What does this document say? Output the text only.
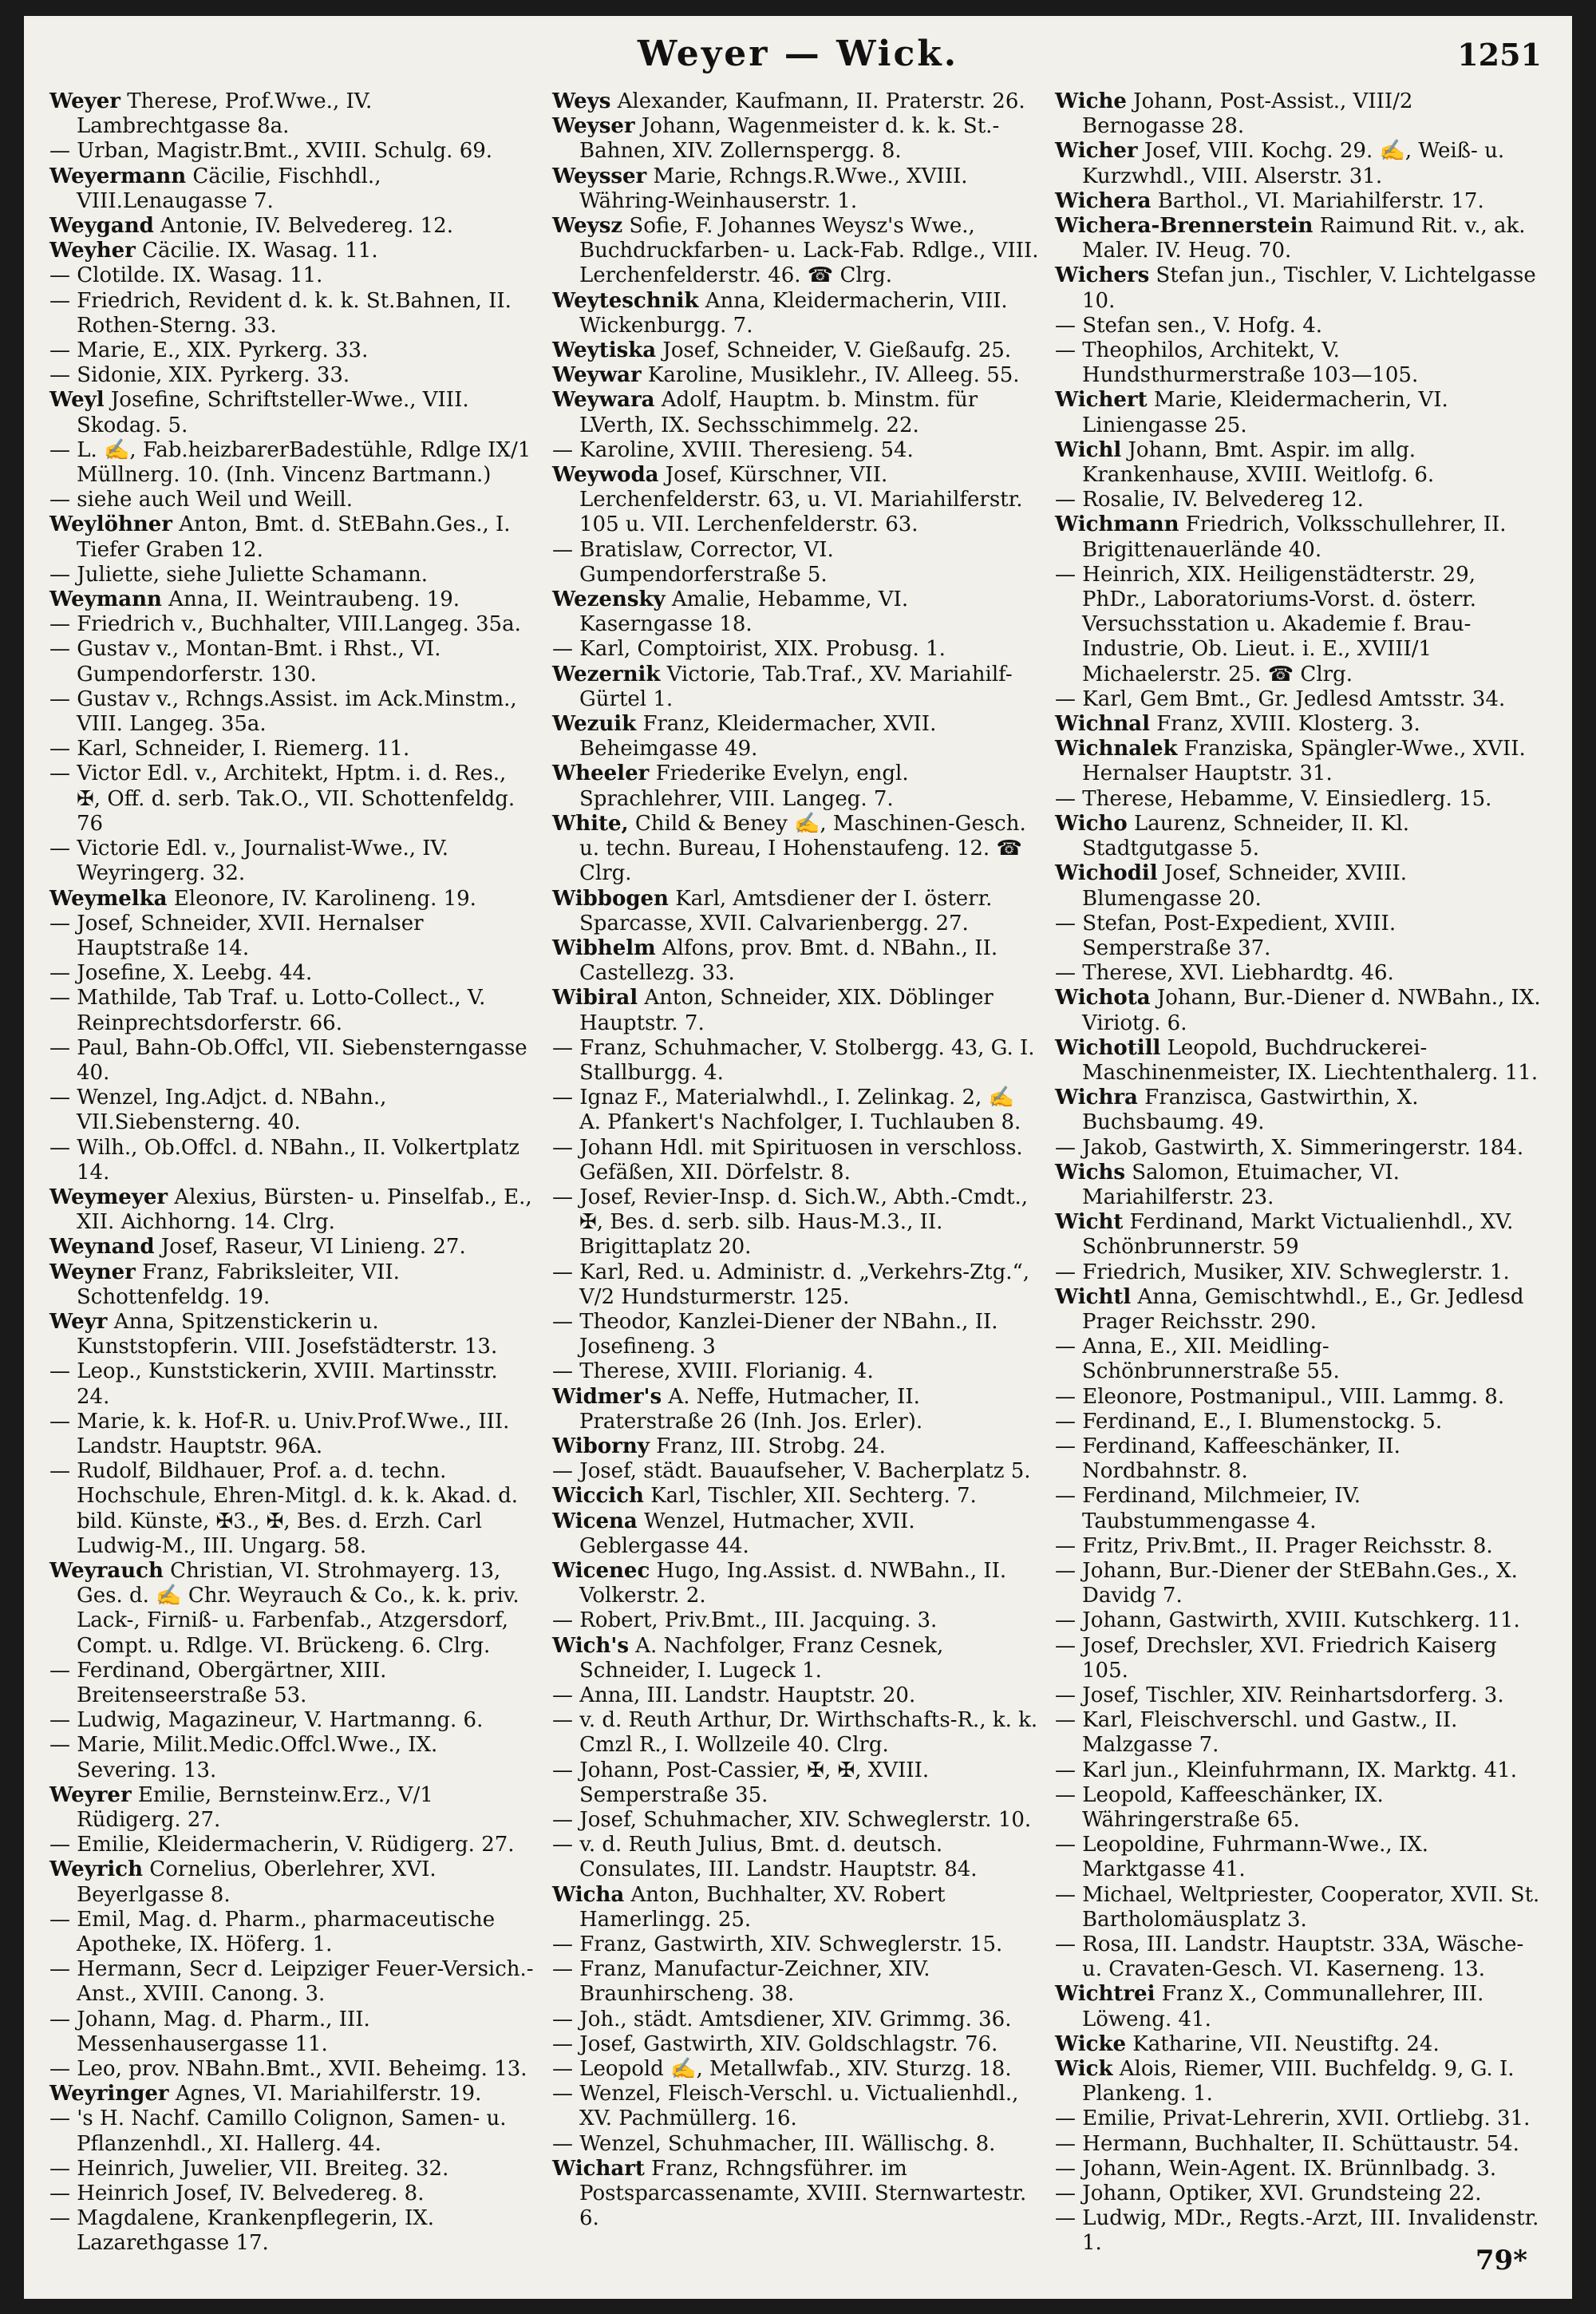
Weyer — Wick.	1251

Weyer Therese, Prof.Wwe., IV. Lambrechtgasse 8a.

— Urban, Magistr.Bmt., XVIII. Schulg. 69.

Weyermann Cäcilie, Fischhdl., VIII.Lenaugasse 7.

Weygand Antonie, IV. Belvedereg. 12.

Weyher Cäcilie. IX. Wasag. 11.

— Clotilde. IX. Wasag. 11.

— Friedrich, Revident d. k. k. St.Bahnen, II. Rothen-Sterng. 33.

— Marie, E., XIX. Pyrkerg. 33.

— Sidonie, XIX. Pyrkerg. 33.

Weyl Josefine, Schriftsteller-Wwe., VIII. Skodag. 5.

— L. ✍, Fab.heizbarerBadestühle, Rdlge IX/1 Müllnerg. 10. (Inh. Vincenz Bartmann.)

— siehe auch Weil und Weill.

Weylöhner Anton, Bmt. d. StEBahn.Ges., I. Tiefer Graben 12.

— Juliette, siehe Juliette Schamann.

Weymann Anna, II. Weintraubeng. 19.

— Friedrich v., Buchhalter, VIII.Langeg. 35a.

— Gustav v., Montan-Bmt. i Rhst., VI. Gumpendorferstr. 130.

— Gustav v., Rchngs.Assist. im Ack.Minstm., VIII. Langeg. 35a.

— Karl, Schneider, I. Riemerg. 11.

— Victor Edl. v., Architekt, Hptm. i. d. Res., ✠, Off. d. serb. Tak.O., VII. Schottenfeldg. 76

— Victorie Edl. v., Journalist-Wwe., IV. Weyringerg. 32.

Weymelka Eleonore, IV. Karolineng. 19.

— Josef, Schneider, XVII. Hernalser Hauptstraße 14.

— Josefine, X. Leebg. 44.

— Mathilde, Tab Traf. u. Lotto-Collect., V. Reinprechtsdorferstr. 66.

— Paul, Bahn-Ob.Offcl, VII. Siebensterngasse 40.

— Wenzel, Ing.Adjct. d. NBahn., VII.Siebensterng. 40.

— Wilh., Ob.Offcl. d. NBahn., II. Volkertplatz 14.

Weymeyer Alexius, Bürsten- u. Pinselfab., E., XII. Aichhorng. 14. Clrg.

Weynand Josef, Raseur, VI Linieng. 27.

Weyner Franz, Fabriksleiter, VII. Schottenfeldg. 19.

Weyr Anna, Spitzenstickerin u. Kunststopferin. VIII. Josefstädterstr. 13.

— Leop., Kunststickerin, XVIII. Martinsstr. 24.

— Marie, k. k. Hof-R. u. Univ.Prof.Wwe., III. Landstr. Hauptstr. 96A.

— Rudolf, Bildhauer, Prof. a. d. techn. Hochschule, Ehren-Mitgl. d. k. k. Akad. d. bild. Künste, ✠3., ✠, Bes. d. Erzh. Carl Ludwig-M., III. Ungarg. 58.

Weyrauch Christian, VI. Strohmayerg. 13, Ges. d. ✍ Chr. Weyrauch & Co., k. k. priv. Lack-, Firniß- u. Farbenfab., Atzgersdorf, Compt. u. Rdlge. VI. Brückeng. 6. Clrg.

— Ferdinand, Obergärtner, XIII. Breitenseerstraße 53.

— Ludwig, Magazineur, V. Hartmanng. 6.

— Marie, Milit.Medic.Offcl.Wwe., IX. Severing. 13.

Weyrer Emilie, Bernsteinw.Erz., V/1 Rüdigerg. 27.

— Emilie, Kleidermacherin, V. Rüdigerg. 27.

Weyrich Cornelius, Oberlehrer, XVI. Beyerlgasse 8.

— Emil, Mag. d. Pharm., pharmaceutische Apotheke, IX. Höferg. 1.

— Hermann, Secr d. Leipziger Feuer-Versich.-Anst., XVIII. Canong. 3.

— Johann, Mag. d. Pharm., III. Messenhausergasse 11.

— Leo, prov. NBahn.Bmt., XVII. Beheimg. 13.

Weyringer Agnes, VI. Mariahilferstr. 19.

— 's H. Nachf. Camillo Colignon, Samen- u. Pflanzenhdl., XI. Hallerg. 44.

— Heinrich, Juwelier, VII. Breiteg. 32.

— Heinrich Josef, IV. Belvedereg. 8.

— Magdalene, Krankenpflegerin, IX. Lazarethgasse 17.

Weys Alexander, Kaufmann, II. Praterstr. 26.

Weyser Johann, Wagenmeister d. k. k. St.-Bahnen, XIV. Zollernspergg. 8.

Weysser Marie, Rchngs.R.Wwe., XVIII. Währing-Weinhauserstr. 1.

Weysz Sofie, F. Johannes Weysz's Wwe., Buchdruckfarben- u. Lack-Fab. Rdlge., VIII. Lerchenfelderstr. 46. ☎ Clrg.

Weyteschnik Anna, Kleidermacherin, VIII. Wickenburgg. 7.

Weytiska Josef, Schneider, V. Gießaufg. 25.

Weywar Karoline, Musiklehr., IV. Alleeg. 55.

Weywara Adolf, Hauptm. b. Minstm. für LVerth, IX. Sechsschimmelg. 22.

— Karoline, XVIII. Theresieng. 54.

Weywoda Josef, Kürschner, VII. Lerchenfelderstr. 63, u. VI. Mariahilferstr. 105 u. VII. Lerchenfelderstr. 63.

— Bratislaw, Corrector, VI. Gumpendorferstraße 5.

Wezensky Amalie, Hebamme, VI. Kaserngasse 18.

— Karl, Comptoirist, XIX. Probusg. 1.

Wezernik Victorie, Tab.Traf., XV. Mariahilf-Gürtel 1.

Wezuik Franz, Kleidermacher, XVII. Beheimgasse 49.

Wheeler Friederike Evelyn, engl. Sprachlehrer, VIII. Langeg. 7.

White, Child & Beney ✍, Maschinen-Gesch. u. techn. Bureau, I Hohenstaufeng. 12. ☎ Clrg.

Wibbogen Karl, Amtsdiener der I. österr. Sparcasse, XVII. Calvarienbergg. 27.

Wibhelm Alfons, prov. Bmt. d. NBahn., II. Castellezg. 33.

Wibiral Anton, Schneider, XIX. Döblinger Hauptstr. 7.

— Franz, Schuhmacher, V. Stolbergg. 43, G. I. Stallburgg. 4.

— Ignaz F., Materialwhdl., I. Zelinkag. 2, ✍ A. Pfankert's Nachfolger, I. Tuchlauben 8.

— Johann Hdl. mit Spirituosen in verschloss. Gefäßen, XII. Dörfelstr. 8.

— Josef, Revier-Insp. d. Sich.W., Abth.-Cmdt., ✠, Bes. d. serb. silb. Haus-M.3., II. Brigittaplatz 20.

— Karl, Red. u. Administr. d. „Verkehrs-Ztg.“, V/2 Hundsturmerstr. 125.

— Theodor, Kanzlei-Diener der NBahn., II. Josefineng. 3

— Therese, XVIII. Florianig. 4.

Widmer's A. Neffe, Hutmacher, II. Praterstraße 26 (Inh. Jos. Erler).

Wiborny Franz, III. Strobg. 24.

— Josef, städt. Bauaufseher, V. Bacherplatz 5.

Wiccich Karl, Tischler, XII. Sechterg. 7.

Wicena Wenzel, Hutmacher, XVII. Geblergasse 44.

Wicenec Hugo, Ing.Assist. d. NWBahn., II. Volkerstr. 2.

— Robert, Priv.Bmt., III. Jacquing. 3.

Wich's A. Nachfolger, Franz Cesnek, Schneider, I. Lugeck 1.

— Anna, III. Landstr. Hauptstr. 20.

— v. d. Reuth Arthur, Dr. Wirthschafts-R., k. k. Cmzl R., I. Wollzeile 40. Clrg.

— Johann, Post-Cassier, ✠, ✠, XVIII. Semperstraße 35.

— Josef, Schuhmacher, XIV. Schweglerstr. 10.

— v. d. Reuth Julius, Bmt. d. deutsch. Consulates, III. Landstr. Hauptstr. 84.

Wicha Anton, Buchhalter, XV. Robert Hamerlingg. 25.

— Franz, Gastwirth, XIV. Schweglerstr. 15.

— Franz, Manufactur-Zeichner, XIV. Braunhirscheng. 38.

— Joh., städt. Amtsdiener, XIV. Grimmg. 36.

— Josef, Gastwirth, XIV. Goldschlagstr. 76.

— Leopold ✍, Metallwfab., XIV. Sturzg. 18.

— Wenzel, Fleisch-Verschl. u. Victualienhdl., XV. Pachmüllerg. 16.

— Wenzel, Schuhmacher, III. Wällischg. 8.

Wichart Franz, Rchngsführer. im Postsparcassenamte, XVIII. Sternwartestr. 6.

Wiche Johann, Post-Assist., VIII/2 Bernogasse 28.

Wicher Josef, VIII. Kochg. 29. ✍, Weiß- u. Kurzwhdl., VIII. Alserstr. 31.

Wichera Barthol., VI. Mariahilferstr. 17.

Wichera-Brennerstein Raimund Rit. v., ak. Maler. IV. Heug. 70.

Wichers Stefan jun., Tischler, V. Lichtelgasse 10.

— Stefan sen., V. Hofg. 4.

— Theophilos, Architekt, V. Hundsthurmerstraße 103—105.

Wichert Marie, Kleidermacherin, VI. Liniengasse 25.

Wichl Johann, Bmt. Aspir. im allg. Krankenhause, XVIII. Weitlofg. 6.

— Rosalie, IV. Belvedereg 12.

Wichmann Friedrich, Volksschullehrer, II. Brigittenauerlände 40.

— Heinrich, XIX. Heiligenstädterstr. 29, PhDr., Laboratoriums-Vorst. d. österr. Versuchsstation u. Akademie f. Brau-Industrie, Ob. Lieut. i. E., XVIII/1 Michaelerstr. 25. ☎ Clrg.

— Karl, Gem Bmt., Gr. Jedlesd Amtsstr. 34.

Wichnal Franz, XVIII. Klosterg. 3.

Wichnalek Franziska, Spängler-Wwe., XVII. Hernalser Hauptstr. 31.

— Therese, Hebamme, V. Einsiedlerg. 15.

Wicho Laurenz, Schneider, II. Kl. Stadtgutgasse 5.

Wichodil Josef, Schneider, XVIII. Blumengasse 20.

— Stefan, Post-Expedient, XVIII. Semperstraße 37.

— Therese, XVI. Liebhardtg. 46.

Wichota Johann, Bur.-Diener d. NWBahn., IX. Viriotg. 6.

Wichotill Leopold, Buchdruckerei-Maschinenmeister, IX. Liechtenthalerg. 11.

Wichra Franzisca, Gastwirthin, X. Buchsbaumg. 49.

— Jakob, Gastwirth, X. Simmeringerstr. 184.

Wichs Salomon, Etuimacher, VI. Mariahilferstr. 23.

Wicht Ferdinand, Markt Victualienhdl., XV. Schönbrunnerstr. 59

— Friedrich, Musiker, XIV. Schweglerstr. 1.

Wichtl Anna, Gemischtwhdl., E., Gr. Jedlesd Prager Reichsstr. 290.

— Anna, E., XII. Meidling-Schönbrunnerstraße 55.

— Eleonore, Postmanipul., VIII. Lammg. 8.

— Ferdinand, E., I. Blumenstockg. 5.

— Ferdinand, Kaffeeschänker, II. Nordbahnstr. 8.

— Ferdinand, Milchmeier, IV. Taubstummengasse 4.

— Fritz, Priv.Bmt., II. Prager Reichsstr. 8.

— Johann, Bur.-Diener der StEBahn.Ges., X. Davidg 7.

— Johann, Gastwirth, XVIII. Kutschkerg. 11.

— Josef, Drechsler, XVI. Friedrich Kaiserg 105.

— Josef, Tischler, XIV. Reinhartsdorferg. 3.

— Karl, Fleischverschl. und Gastw., II. Malzgasse 7.

— Karl jun., Kleinfuhrmann, IX. Marktg. 41.

— Leopold, Kaffeeschänker, IX. Währingerstraße 65.

— Leopoldine, Fuhrmann-Wwe., IX. Marktgasse 41.

— Michael, Weltpriester, Cooperator, XVII. St. Bartholomäusplatz 3.

— Rosa, III. Landstr. Hauptstr. 33A, Wäsche- u. Cravaten-Gesch. VI. Kaserneng. 13.

Wichtrei Franz X., Communallehrer, III. Löweng. 41.

Wicke Katharine, VII. Neustiftg. 24.

Wick Alois, Riemer, VIII. Buchfeldg. 9, G. I. Plankeng. 1.

— Emilie, Privat-Lehrerin, XVII. Ortliebg. 31.

— Hermann, Buchhalter, II. Schüttaustr. 54.

— Johann, Wein-Agent. IX. Brünnlbadg. 3.

— Johann, Optiker, XVI. Grundsteing 22.

— Ludwig, MDr., Regts.-Arzt, III. Invalidenstr. 1.

79*
